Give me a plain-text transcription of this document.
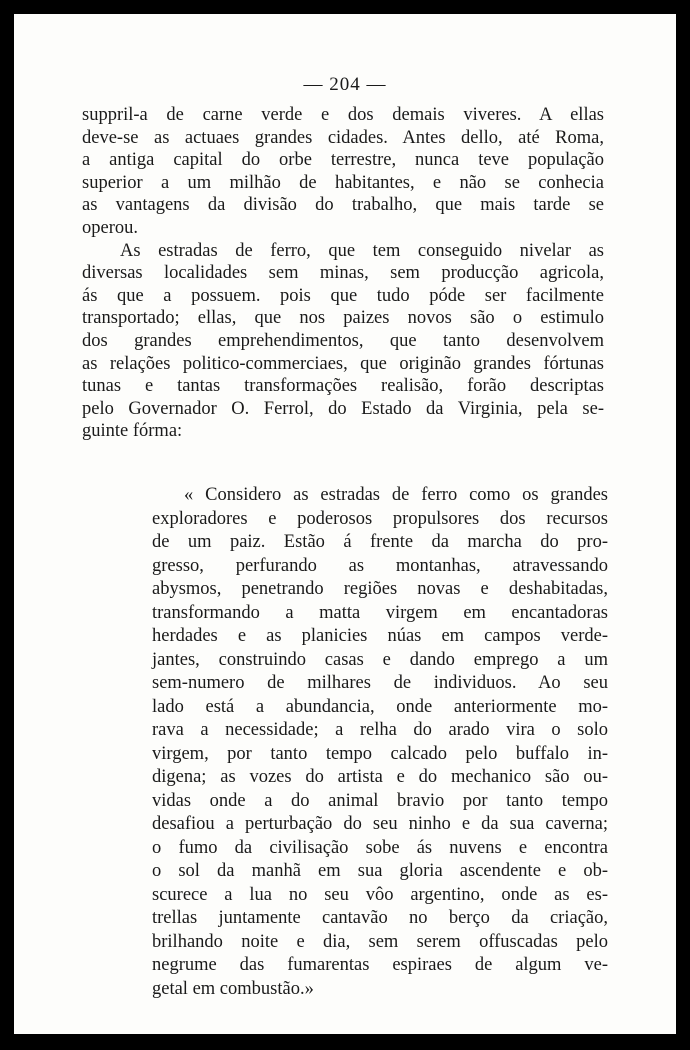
— 204 —
suppril-a de carne verde e dos demais viveres. A ellas
deve-se as actuaes grandes cidades. Antes dello, até Roma,
a antiga capital do orbe terrestre, nunca teve população
superior a um milhão de habitantes, e não se conhecia
as vantagens da divisão do trabalho, que mais tarde se
operou.
As estradas de ferro, que tem conseguido nivelar as
diversas localidades sem minas, sem producção agricola,
ás que a possuem. pois que tudo póde ser facilmente
transportado; ellas, que nos paizes novos são o estimulo
dos grandes emprehendimentos, que tanto desenvolvem
as relações politico-commerciaes, que originão grandes fórtunas
tunas e tantas transformações realisão, forão descriptas
pelo Governador O. Ferrol, do Estado da Virginia, pela se-
guinte fórma:
« Considero as estradas de ferro como os grandes
exploradores e poderosos propulsores dos recursos
de um paiz. Estão á frente da marcha do pro-
gresso, perfurando as montanhas, atravessando
abysmos, penetrando regiões novas e deshabitadas,
transformando a matta virgem em encantadoras
herdades e as planicies núas em campos verde-
jantes, construindo casas e dando emprego a um
sem-numero de milhares de individuos. Ao seu
lado está a abundancia, onde anteriormente mo-
rava a necessidade; a relha do arado vira o solo
virgem, por tanto tempo calcado pelo buffalo in-
digena; as vozes do artista e do mechanico são ou-
vidas onde a do animal bravio por tanto tempo
desafiou a perturbação do seu ninho e da sua caverna;
o fumo da civilisação sobe ás nuvens e encontra
o sol da manhã em sua gloria ascendente e ob-
scurece a lua no seu vôo argentino, onde as es-
trellas juntamente cantavão no berço da criação,
brilhando noite e dia, sem serem offuscadas pelo
negrume das fumarentas espiraes de algum ve-
getal em combustão.»
